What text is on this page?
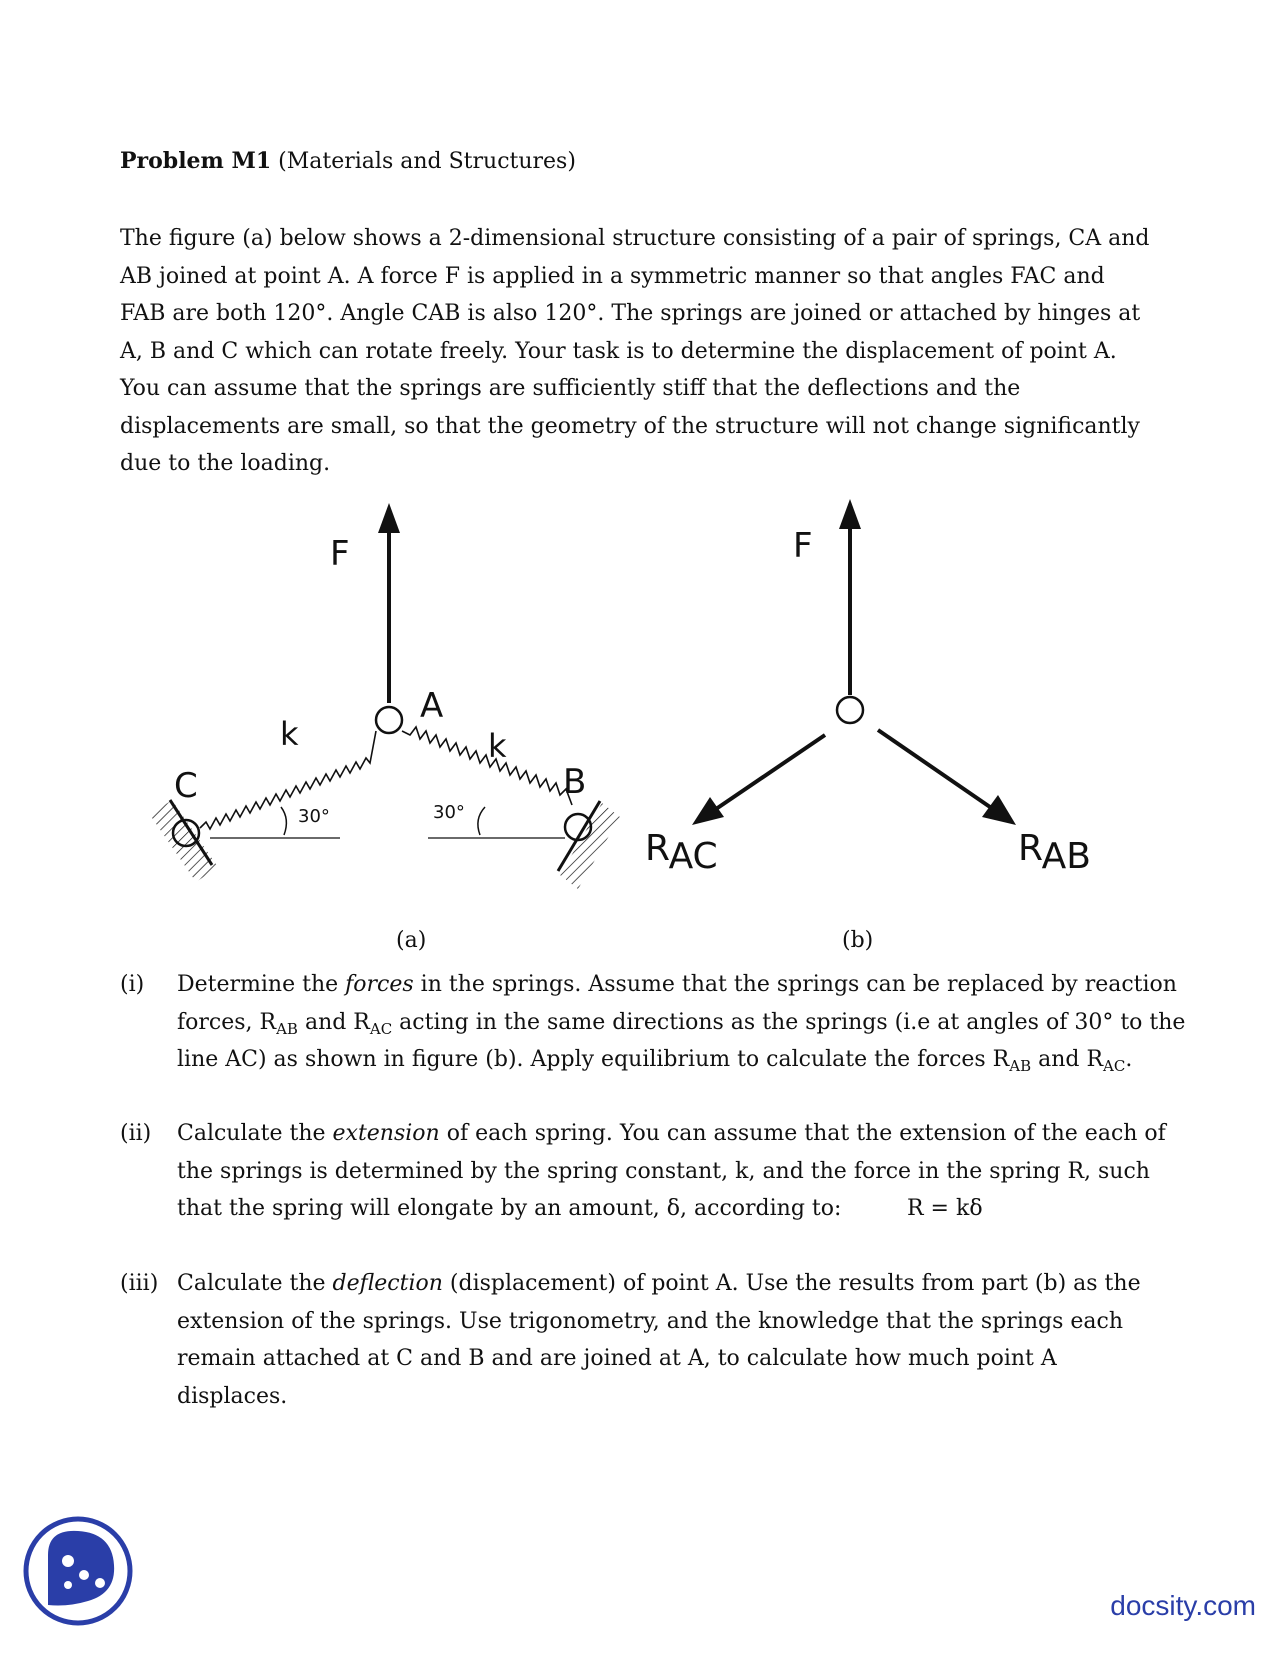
Problem M1 (Materials and Structures)
The figure (a) below shows a 2-dimensional structure consisting of a pair of springs, CA and
AB joined at point A. A force F is applied in a symmetric manner so that angles FAC and
FAB are both 120°. Angle CAB is also 120°. The springs are joined or attached by hinges at
A, B and C which can rotate freely. Your task is to determine the displacement of point A.
You can assume that the springs are sufficiently stiff that the deflections and the
displacements are small, so that the geometry of the structure will not change significantly
due to the loading.
F
A
k	k
C	B
30°	30°
F
RAC	RAB
(a)	(b)
(i) Determine the forces in the springs. Assume that the springs can be replaced by reaction
forces, $R_{AB}$ and $R_{AC}$ acting in the same directions as the springs (i.e at angles of 30° to the
line AC) as shown in figure (b). Apply equilibrium to calculate the forces $R_{AB}$ and $R_{AC}$.
(ii) Calculate the extension of each spring. You can assume that the extension of the each of
the springs is determined by the spring constant, k, and the force in the spring R, such
that the spring will elongate by an amount, δ, according to:	R = kδ
(iii) Calculate the deflection (displacement) of point A. Use the results from part (b) as the
extension of the springs. Use trigonometry, and the knowledge that the springs each
remain attached at C and B and are joined at A, to calculate how much point A
displaces.
docsity.com
